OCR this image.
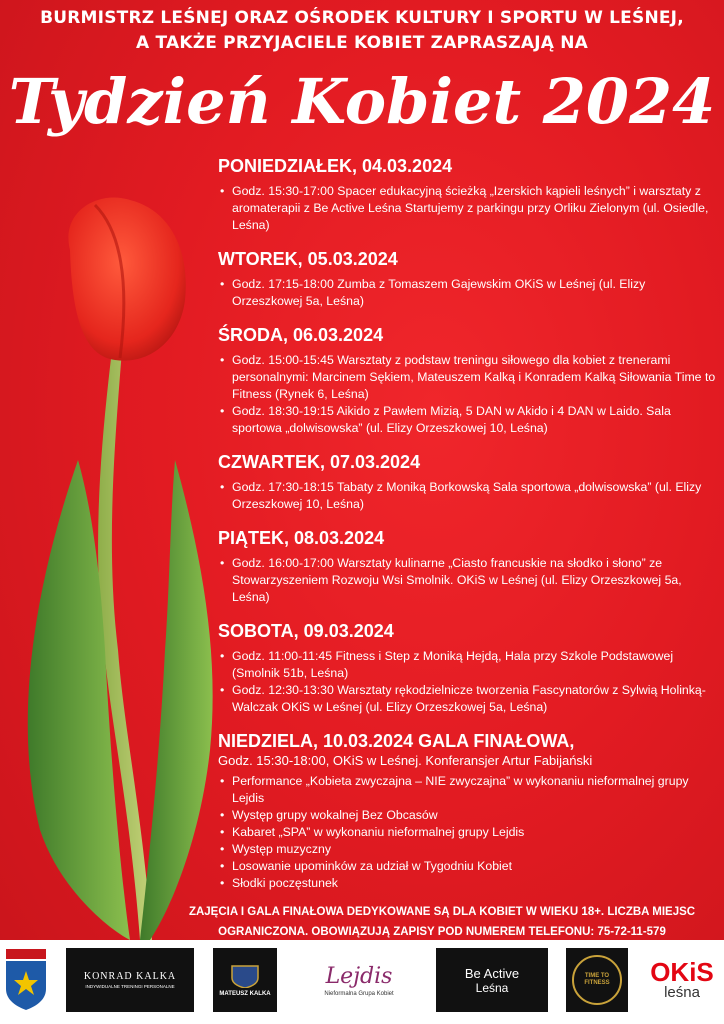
BURMISTRZ LEŚNEJ ORAZ OŚRODEK KULTURY I SPORTU W LEŚNEJ,
A TAKŻE PRZYJACIELE KOBIET ZAPRASZAJĄ NA
Tydzień Kobiet 2024
PONIEDZIAŁEK, 04.03.2024
• Godz. 15:30-17:00 Spacer edukacyjną ścieżką „Izerskich kąpieli leśnych” i warsztaty z aromaterapii z Be Active Leśna Startujemy z parkingu przy Orliku Zielonym (ul. Osiedle, Leśna)
WTOREK, 05.03.2024
• Godz. 17:15-18:00 Zumba z Tomaszem Gajewskim OKiS w Leśnej (ul. Elizy Orzeszkowej 5a, Leśna)
ŚRODA, 06.03.2024
• Godz. 15:00-15:45 Warsztaty z podstaw treningu siłowego dla kobiet z trenerami personalnymi: Marcinem Sękiem, Mateuszem Kalką i Konradem Kalką Siłowania Time to Fitness (Rynek 6, Leśna)
• Godz. 18:30-19:15 Aikido z Pawłem Mizią, 5 DAN w Akido i 4 DAN w Laido. Sala sportowa „dolwisowska” (ul. Elizy Orzeszkowej 10, Leśna)
CZWARTEK, 07.03.2024
• Godz. 17:30-18:15 Tabaty z Moniką Borkowską Sala sportowa „dolwisowska” (ul. Elizy Orzeszkowej 10, Leśna)
PIĄTEK, 08.03.2024
• Godz. 16:00-17:00 Warsztaty kulinarne „Ciasto francuskie na słodko i słono” ze Stowarzyszeniem Rozwoju Wsi Smolnik. OKiS w Leśnej (ul. Elizy Orzeszkowej 5a, Leśna)
SOBOTA, 09.03.2024
• Godz. 11:00-11:45 Fitness i Step z Moniką Hejdą, Hala przy Szkole Podstawowej (Smolnik 51b, Leśna)
• Godz. 12:30-13:30 Warsztaty rękodzielnicze tworzenia Fascynatorów z Sylwią Holinką-Walczak OKiS w Leśnej (ul. Elizy Orzeszkowej 5a, Leśna)
NIEDZIELA, 10.03.2024 GALA FINAŁOWA,
Godz. 15:30-18:00, OKiS w Leśnej. Konferansjer Artur Fabijański
• Performance „Kobieta zwyczajna – NIE zwyczajna” w wykonaniu nieformalnej grupy Lejdis
• Występ grupy wokalnej Bez Obcasów
• Kabaret „SPA” w wykonaniu nieformalnej grupy Lejdis
• Występ muzyczny
• Losowanie upominków za udział w Tygodniu Kobiet
• Słodki poczęstunek
ZAJĘCIA I GALA FINAŁOWA DEDYKOWANE SĄ DLA KOBIET W WIEKU 18+. LICZBA MIEJSC
OGRANICZONA. OBOWIĄZUJĄ ZAPISY POD NUMEREM TELEFONU: 75-72-11-579
KONRAD KALKA
INDYWIDUALNE TRENINGI PERSONALNE
MATEUSZ KALKA
Lejdis
Nieformalna Grupa Kobiet
Be Active
Leśna
TIME TO FITNESS	OKiS
leśna
